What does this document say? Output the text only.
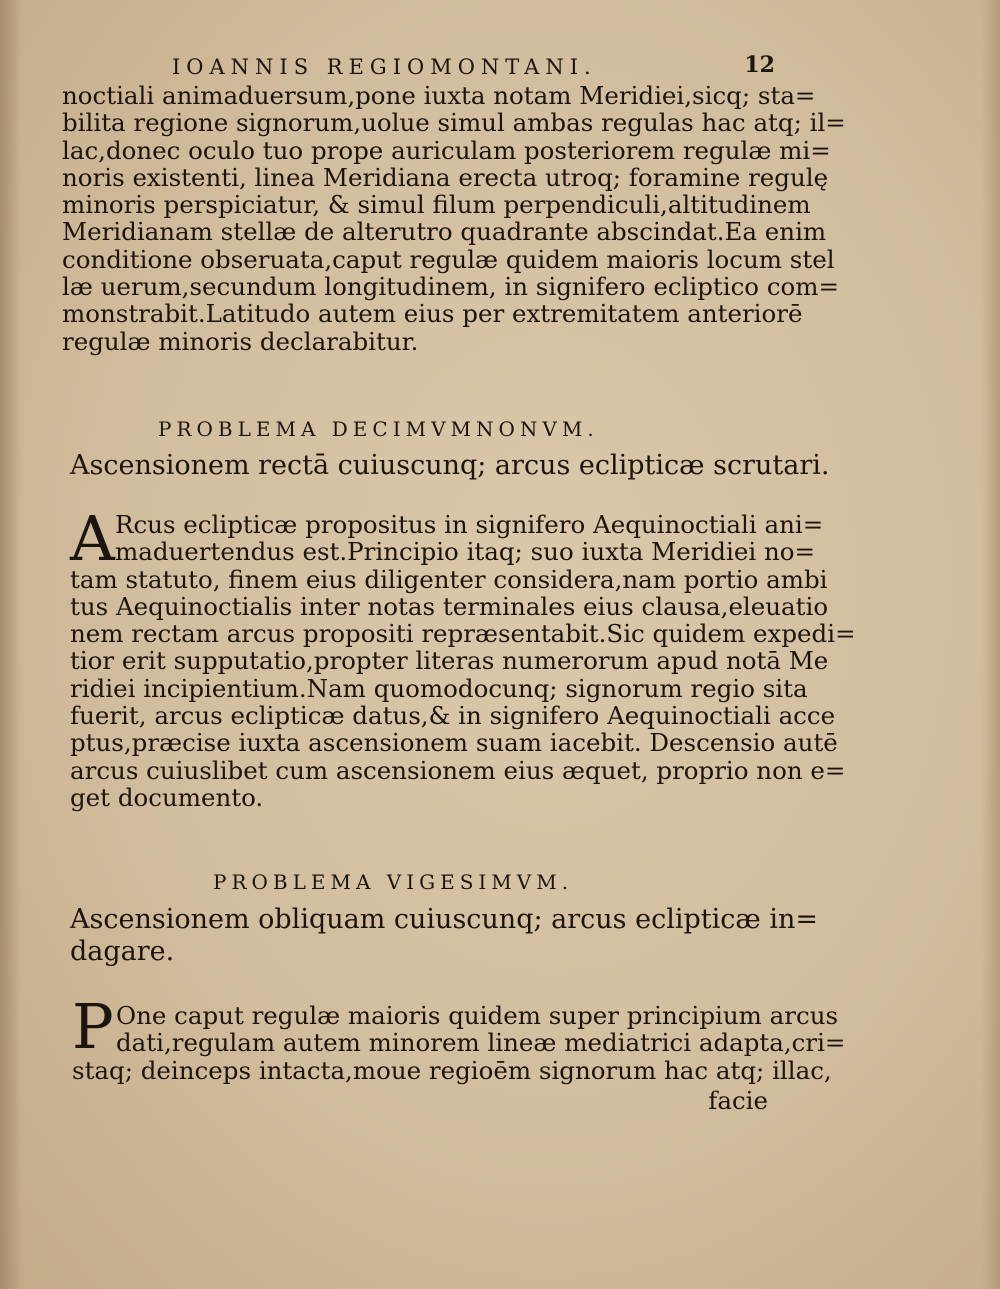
IOANNIS REGIOMONTANI.	12
noctiali animaduersum,pone iuxta notam Meridiei,sicq; sta=
bilita regione signorum,uolue simul ambas regulas hac atq; il=
lac,donec oculo tuo prope auriculam posteriorem regulæ mi=
noris existenti, linea Meridiana erecta utroq; foramine regulę
minoris perspiciatur, & simul filum perpendiculi,altitudinem
Meridianam stellæ de alterutro quadrante abscindat.Ea enim
conditione obseruata,caput regulæ quidem maioris locum stel
læ uerum,secundum longitudinem, in signifero ecliptico com=
monstrabit.Latitudo autem eius per extremitatem anteriorē
regulæ minoris declarabitur.
PROBLEMA DECIMVMNONVM.
Ascensionem rectā cuiuscunq; arcus eclipticæ scrutari.
A Rcus eclipticæ propositus in signifero Aequinoctiali ani=
maduertendus est.Principio itaq; suo iuxta Meridiei no=
tam statuto, finem eius diligenter considera,nam portio ambi
tus Aequinoctialis inter notas terminales eius clausa,eleuatio
nem rectam arcus propositi repræsentabit.Sic quidem expedi=
tior erit supputatio,propter literas numerorum apud notā Me
ridiei incipientium.Nam quomodocunq; signorum regio sita
fuerit, arcus eclipticæ datus,& in signifero Aequinoctiali acce
ptus,præcise iuxta ascensionem suam iacebit. Descensio autē
arcus cuiuslibet cum ascensionem eius æquet, proprio non e=
get documento.
PROBLEMA VIGESIMVM.
Ascensionem obliquam cuiuscunq; arcus eclipticæ in=
dagare.
P One caput regulæ maioris quidem super principium arcus
dati,regulam autem minorem lineæ mediatrici adapta,cri=
staq; deinceps intacta,moue regioēm signorum hac atq; illac,
facie
